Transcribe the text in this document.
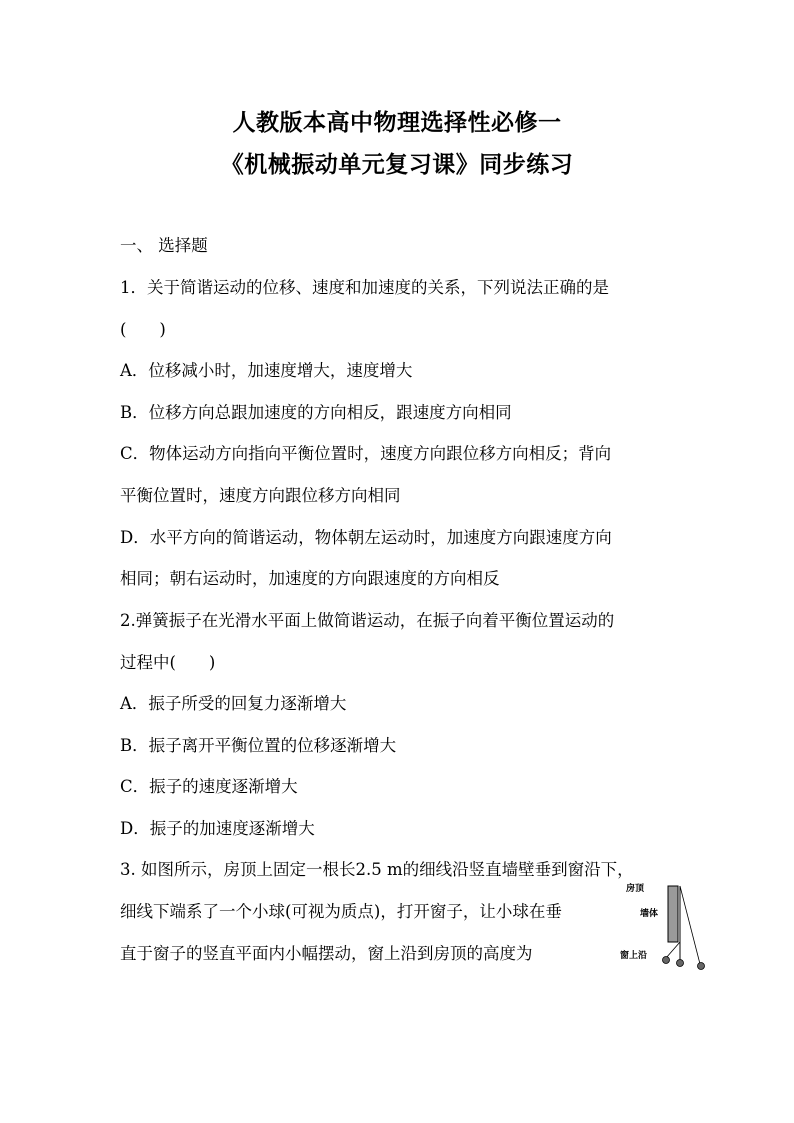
人教版本高中物理选择性必修一
《机械振动单元复习课》同步练习
一、 选择题
1．关于简谐运动的位移、速度和加速度的关系，下列说法正确的是
(　　)
A．位移减小时，加速度增大，速度增大
B．位移方向总跟加速度的方向相反，跟速度方向相同
C．物体运动方向指向平衡位置时，速度方向跟位移方向相反；背向
平衡位置时，速度方向跟位移方向相同
D．水平方向的简谐运动，物体朝左运动时，加速度方向跟速度方向
相同；朝右运动时，加速度的方向跟速度的方向相反
2.弹簧振子在光滑水平面上做简谐运动，在振子向着平衡位置运动的
过程中(　　)
A．振子所受的回复力逐渐增大
B．振子离开平衡位置的位移逐渐增大
C．振子的速度逐渐增大
D．振子的加速度逐渐增大
3. 如图所示，房顶上固定一根长2.5 m的细线沿竖直墙壁垂到窗沿下，
细线下端系了一个小球(可视为质点)，打开窗子，让小球在垂
直于窗子的竖直平面内小幅摆动，窗上沿到房顶的高度为
房顶
墙体
窗上沿
